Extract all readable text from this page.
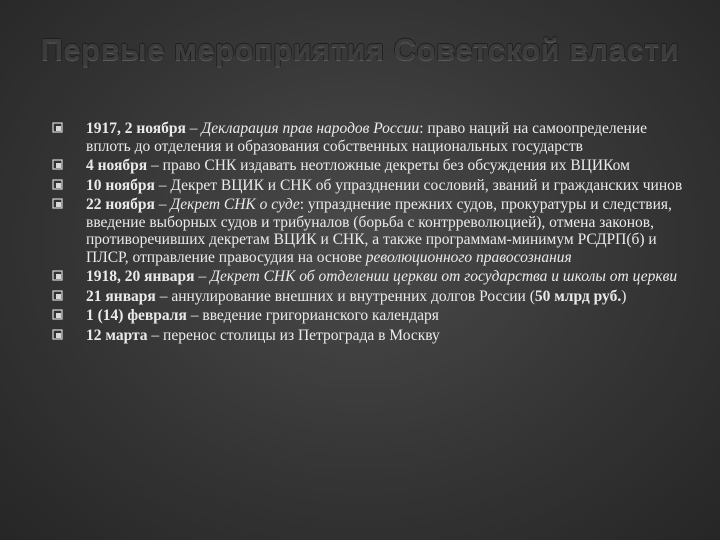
Первые мероприятия Советской власти
1917, 2 ноября – Декларация прав народов России: право наций на самоопределение вплоть до отделения и образования собственных национальных государств
4 ноября – право СНК издавать неотложные декреты без обсуждения их ВЦИКом
10 ноября – Декрет ВЦИК и СНК об упразднении сословий, званий и гражданских чинов
22 ноября – Декрет СНК о суде: упразднение прежних судов, прокуратуры и следствия, введение выборных судов и трибуналов (борьба с контрреволюцией), отмена законов, противоречивших декретам ВЦИК и СНК, а также программам-минимум РСДРП(б) и ПЛСР, отправление правосудия на основе революционного правосознания
1918, 20 января – Декрет СНК об отделении церкви от государства и школы от церкви
21 января – аннулирование внешних и внутренних долгов России (50 млрд руб.)
1 (14) февраля – введение григорианского календаря
12 марта – перенос столицы из Петрограда в Москву
